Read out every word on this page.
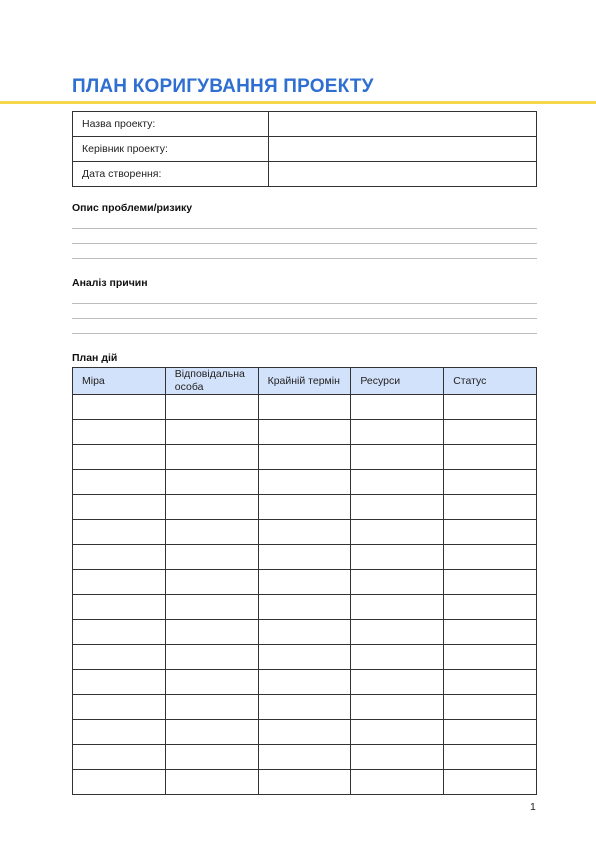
ПЛАН КОРИГУВАННЯ ПРОЕКТУ
Назва проекту:	
Керівник проекту:	
Дата створення:	
Опис проблеми/ризику
Аналіз причин
План дій
Міра	Відповідальна особа	Крайній термін	Ресурси	Статус

1
